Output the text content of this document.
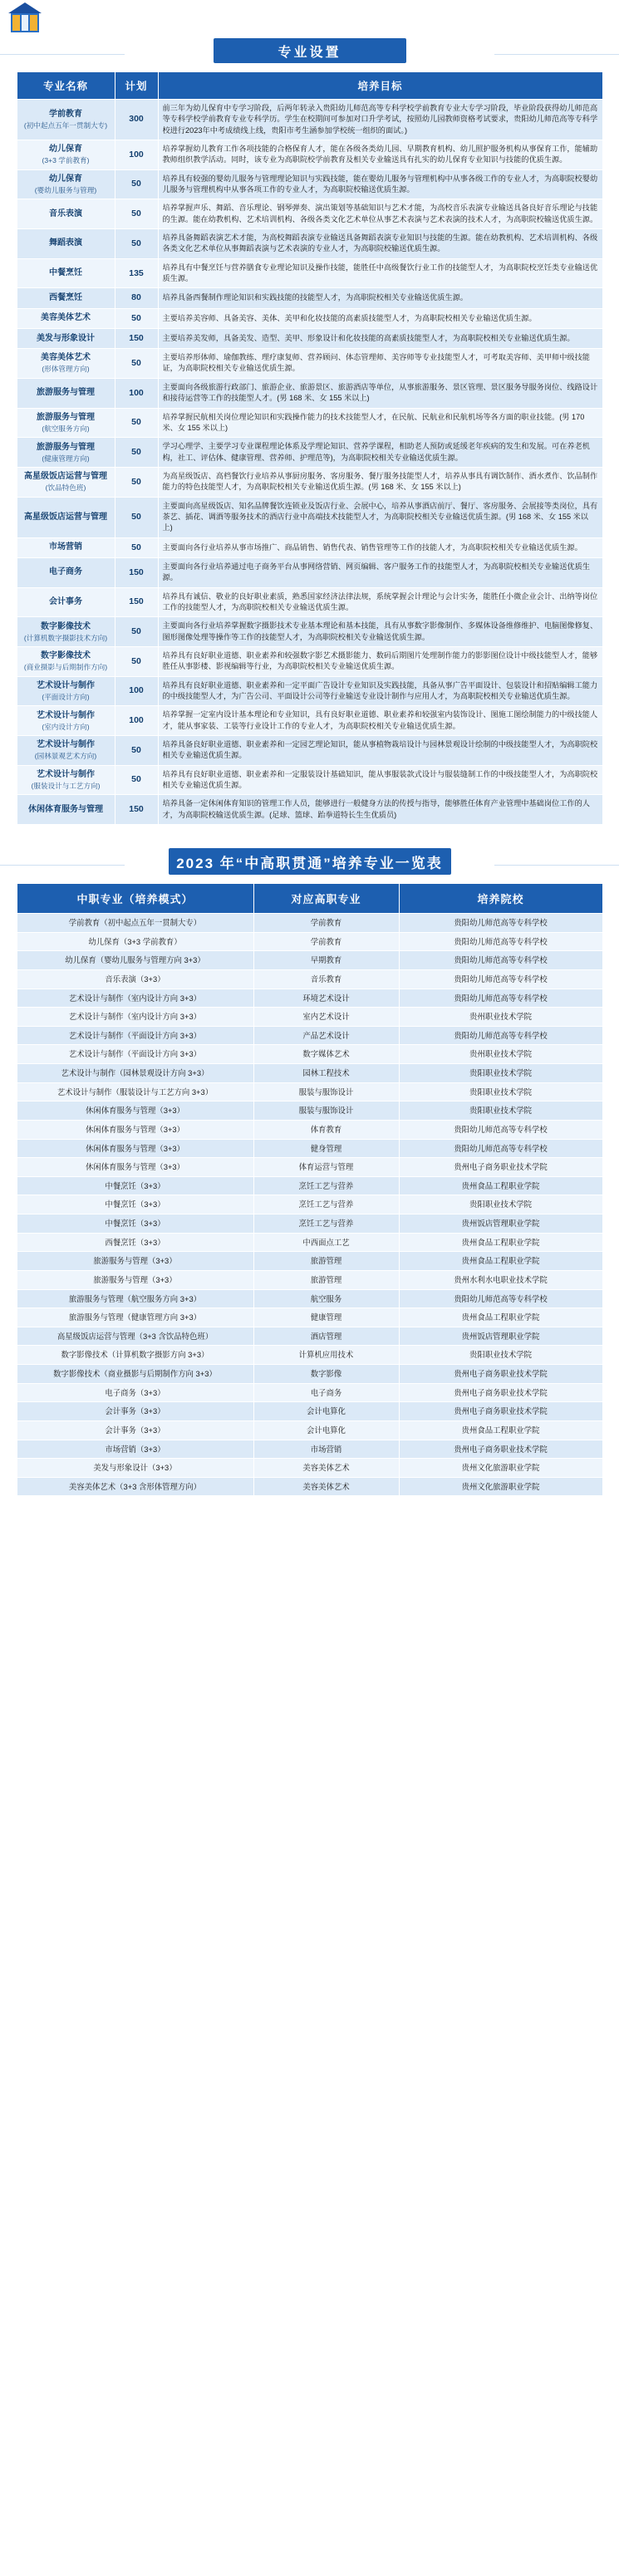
专业设置
专业名称	计划	培养目标
学前教育
(初中起点五年一贯制大专)	300	前三年为幼儿保育中专学习阶段，后两年转录入贵阳幼儿师范高等专科学校学前教育专业大专学习阶段，毕业阶段获得幼儿师范高等专科学校学前教育专业专科学历。学生在校期间可参加对口升学考试，按照幼儿园教师资格考试要求，贵阳幼儿师范高等专科学校进行2023年中考成绩线上线，贵阳市考生涵参加学校统一组织的面试。)
幼儿保育
(3+3 学前教育)	100	培养掌握幼儿教育工作各项技能的合格保育人才，能在各级各类幼儿园、早期教育机构、幼儿照护服务机构从事保育工作，能辅助教师组织教学活动。同时，该专业为高职院校学前教育及相关专业输送具有扎实的幼儿保育专业知识与技能的优质生源。
幼儿保育
(婴幼儿服务与管理)	50	培养具有较强的婴幼儿服务与管理理论知识与实践技能，能在婴幼儿服务与管理机构中从事各级工作的专业人才，为高职院校婴幼儿服务与管理机构中从事各项工作的专业人才，为高职院校输送优质生源。
音乐表演	50	培养掌握声乐、舞蹈、音乐理论、钢琴弹奏、演出策划等基础知识与艺术才能，为高校音乐表演专业输送具备良好音乐理论与技能的生源。能在幼教机构、艺术培训机构、各级各类文化艺术单位从事艺术表演与艺术表演的技术人才，为高职院校输送优质生源。
舞蹈表演	50	培养具备舞蹈表演艺术才能，为高校舞蹈表演专业输送具备舞蹈表演专业知识与技能的生源。能在幼教机构、艺术培训机构、各级各类文化艺术单位从事舞蹈表演与艺术表演的专业人才，为高职院校输送优质生源。
中餐烹饪	135	培养具有中餐烹饪与营养膳食专业理论知识及操作技能，能胜任中高级餐饮行业工作的技能型人才，为高职院校烹饪类专业输送优质生源。
西餐烹饪	80	培养具备西餐制作理论知识和实践技能的技能型人才，为高职院校相关专业输送优质生源。
美容美体艺术	50	主要培养美容师、具备美容、美体、美甲和化妆技能的高素质技能型人才，为高职院校相关专业输送优质生源。
美发与形象设计	150	主要培养美发师，具备美发、造型、美甲、形象设计和化妆技能的高素质技能型人才，为高职院校相关专业输送优质生源。
美容美体艺术
(形体管理方向)	50	主要培养形体师、瑜伽教练、理疗康复师、营养顾问、体态管理师、美容师等专业技能型人才，可考取美容师、美甲师中级技能证，为高职院校相关专业输送优质生源。
旅游服务与管理	100	主要面向各级旅游行政部门、旅游企业、旅游景区、旅游酒店等单位，从事旅游服务、景区管理、景区服务导服务岗位、线路设计和接待运营等工作的技能型人才。(男 168 米、女 155 米以上)
旅游服务与管理
(航空服务方向)	50	培养掌握民航相关岗位理论知识和实践操作能力的技术技能型人才，在民航、民航业和民航机场等各方面的职业技能。(男 170 米、女 155 米以上)
旅游服务与管理
(健康管理方向)	50	学习心理学、主要学习专业课程理论体系及学理论知识、营养学课程，相助老人预防或延缓老年疾病的发生和发展。可在养老机构，社工、评估体、健康管理、营养师、护理范等)，为高职院校相关专业输送优质生源。
高星级饭店运营与管理
(饮品特色班)	50	为高星级饭店、高档餐饮行业培养从事厨房服务、客房服务、餐厅服务技能型人才，培养从事具有调饮制作、酒水煮作、饮品制作能力的特色技能型人才，为高职院校相关专业输送优质生源。(男 168 米、女 155 米以上)
高星级饭店运营与管理	50	主要面向高星级饭店、知名品牌餐饮连锁业及饭店行业、会展中心，培养从事酒店前厅、餐厅、客房服务、会展接等类岗位，具有茶艺、插花、调酒等服务技术的酒店行业中高端技术技能型人才，为高职院校相关专业输送优质生源。(男 168 米、女 155 米以上)
市场营销	50	主要面向各行业培养从事市场推广、商品销售、销售代表、销售管理等工作的技能人才，为高职院校相关专业输送优质生源。
电子商务	150	主要面向各行业培养通过电子商务平台从事网络营销、网页编辑、客户服务工作的技能型人才，为高职院校相关专业输送优质生源。
会计事务	150	培养具有诚信、敬业的良好职业素质，熟悉国家经济法律法规，系统掌握会计理论与会计实务，能胜任小微企业会计、出纳等岗位工作的技能型人才，为高职院校相关专业输送优质生源。
数字影像技术
(计算机数字摄影技术方向)	50	主要面向各行业培养掌握数字摄影技术专业基本理论和基本技能，具有从事数字影像制作、多媒体设备维修维护、电脑图像修复、图形图像处理等操作等工作的技能型人才，为高职院校相关专业输送优质生源。
数字影像技术
(商业摄影与后期制作方向)	50	培养具有良好职业道德、职业素养和较强数字影艺术摄影能力、数码后期图片处理制作能力的影影图位设计中级技能型人才，能够胜任从事影楼、影视编辑等行业，为高职院校相关专业输送优质生源。
艺术设计与制作
(平面设计方向)	100	培养具有良好职业道德、职业素养和一定平面广告设计专业知识及实践技能，具备从事广告平面设计、包装设计和招贴编辑工能力的中级技能型人才，为广告公司、平面设计公司等行业输送专业设计制作与应用人才，为高职院校相关专业输送优质生源。
艺术设计与制作
(室内设计方向)	100	培养掌握一定室内设计基本理论和专业知识，具有良好职业道德、职业素养和较强室内装饰设计、图施工图绘制能力的中级技能人才，能从事家装、工装等行业设计工作的专业人才，为高职院校相关专业输送优质生源。
艺术设计与制作
(园林景观艺术方向)	50	培养具备良好职业道德、职业素养和一定园艺理论知识，能从事植物栽培设计与园林景观设计绘制的中级技能型人才，为高职院校相关专业输送优质生源。
艺术设计与制作
(服装设计与工艺方向)	50	培养具有良好职业道德、职业素养和一定服装设计基础知识，能从事服装款式设计与服装缝制工作的中级技能型人才，为高职院校相关专业输送优质生源。
休闲体育服务与管理	150	培养具备一定休闲体育知识的管理工作人员，能够进行一般健身方法的传授与指导，能够胜任体育产业管理中基础岗位工作的人才，为高职院校输送优质生源。(足球、篮球、跆拳道特长生生优质员)
2023 年“中高职贯通”培养专业一览表
中职专业（培养模式）	对应高职专业	培养院校
学前教育（初中起点五年一贯制大专）	学前教育	贵阳幼儿师范高等专科学校
幼儿保育（3+3 学前教育）	学前教育	贵阳幼儿师范高等专科学校
幼儿保育（婴幼儿服务与管理方向 3+3）	早期教育	贵阳幼儿师范高等专科学校
音乐表演（3+3）	音乐教育	贵阳幼儿师范高等专科学校
艺术设计与制作（室内设计方向 3+3）	环境艺术设计	贵阳幼儿师范高等专科学校
艺术设计与制作（室内设计方向 3+3）	室内艺术设计	贵州职业技术学院
艺术设计与制作（平面设计方向 3+3）	产品艺术设计	贵阳幼儿师范高等专科学校
艺术设计与制作（平面设计方向 3+3）	数字媒体艺术	贵州职业技术学院
艺术设计与制作（园林景观设计方向 3+3）	园林工程技术	贵阳职业技术学院
艺术设计与制作（服装设计与工艺方向 3+3）	服装与服饰设计	贵阳职业技术学院
休闲体育服务与管理（3+3）	服装与服饰设计	贵阳职业技术学院
休闲体育服务与管理（3+3）	体育教育	贵阳幼儿师范高等专科学校
休闲体育服务与管理（3+3）	健身管理	贵阳幼儿师范高等专科学校
休闲体育服务与管理（3+3）	体育运营与管理	贵州电子商务职业技术学院
中餐烹饪（3+3）	烹饪工艺与营养	贵州食品工程职业学院
中餐烹饪（3+3）	烹饪工艺与营养	贵阳职业技术学院
中餐烹饪（3+3）	烹饪工艺与营养	贵州饭店管理职业学院
西餐烹饪（3+3）	中西面点工艺	贵州食品工程职业学院
旅游服务与管理（3+3）	旅游管理	贵州食品工程职业学院
旅游服务与管理（3+3）	旅游管理	贵州水利水电职业技术学院
旅游服务与管理（航空服务方向 3+3）	航空服务	贵阳幼儿师范高等专科学校
旅游服务与管理（健康管理方向 3+3）	健康管理	贵州食品工程职业学院
高星级饭店运营与管理（3+3 含饮品特色班）	酒店管理	贵州饭店管理职业学院
数字影像技术（计算机数字摄影方向 3+3）	计算机应用技术	贵阳职业技术学院
数字影像技术（商业摄影与后期制作方向 3+3）	数字影像	贵州电子商务职业技术学院
电子商务（3+3）	电子商务	贵州电子商务职业技术学院
会计事务（3+3）	会计电算化	贵州电子商务职业技术学院
会计事务（3+3）	会计电算化	贵州食品工程职业学院
市场营销（3+3）	市场营销	贵州电子商务职业技术学院
美发与形象设计（3+3）	美容美体艺术	贵州文化旅游职业学院
美容美体艺术（3+3 含形体管理方向）	美容美体艺术	贵州文化旅游职业学院
